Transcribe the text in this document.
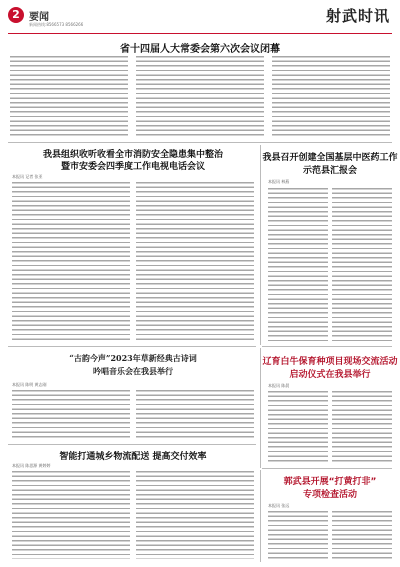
2 要闻
新闻热线:8566573 8566266	射武时讯
省十四届人大常委会第六次会议闭幕
我县组织收听收看全市消防安全隐患集中整治
暨市安委会四季度工作电视电话会议
本报讯 记者 张亚
我县召开创建全国基层中医药工作
示范县汇报会
本报讯 林燕
“古韵今声”2023年草新经典古诗词
吟唱音乐会在我县举行
本报讯 陈明 黄志刚
辽育白牛保育种项目现场交流活动
启动仪式在我县举行
本报讯 陈晨
智能打通城乡物流配送 提高交付效率
本报讯 陈思源 黄婷婷
郭武县开展“打黄打非”
专项检查活动
本报讯 张远
